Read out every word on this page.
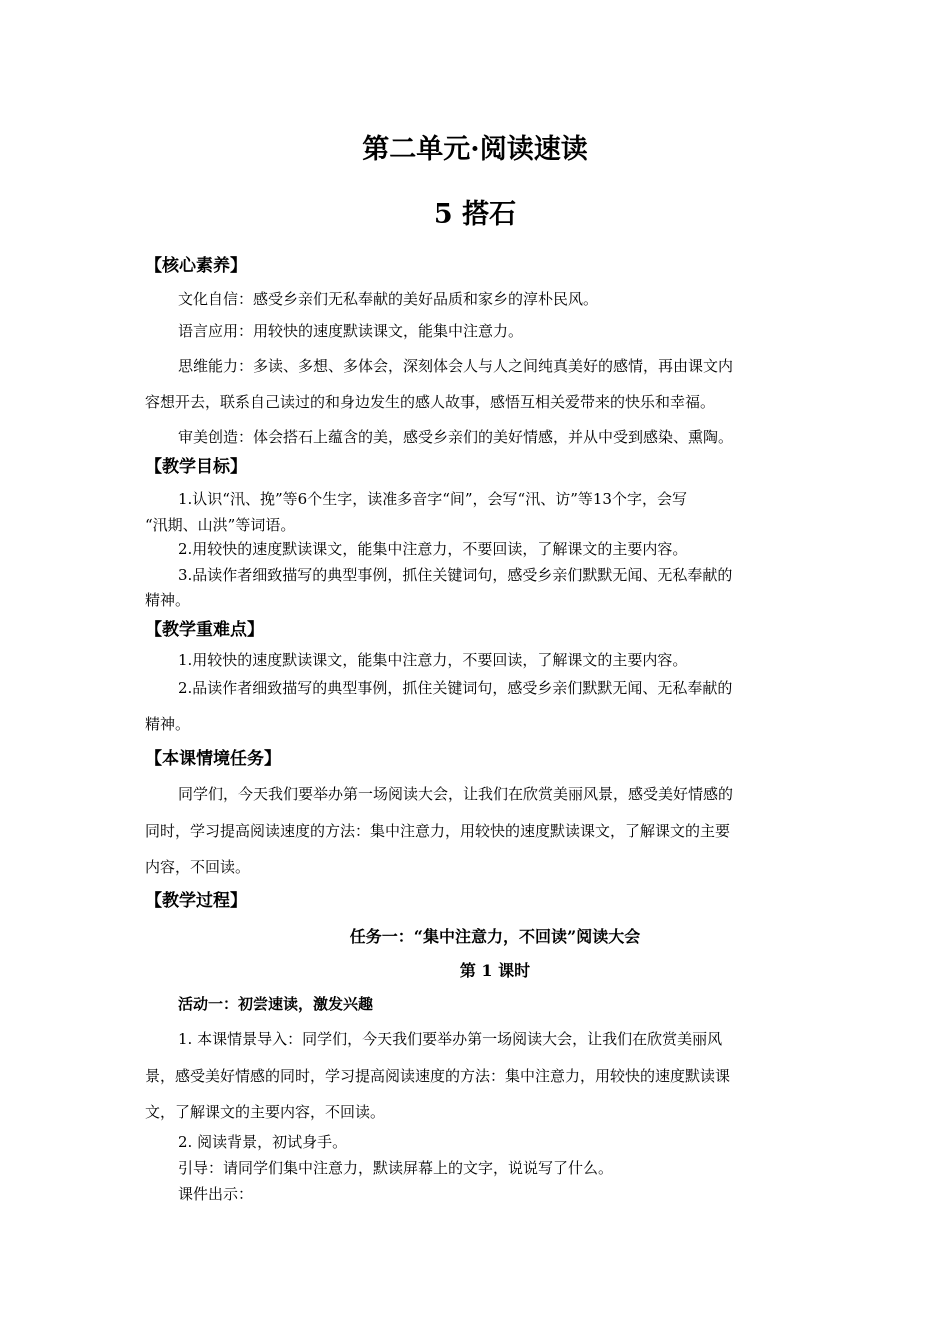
第二单元·阅读速读

5 搭石

【核心素养】

文化自信：感受乡亲们无私奉献的美好品质和家乡的淳朴民风。

语言应用：用较快的速度默读课文，能集中注意力。

思维能力：多读、多想、多体会，深刻体会人与人之间纯真美好的感情，再由课文内

容想开去，联系自己读过的和身边发生的感人故事，感悟互相关爱带来的快乐和幸福。

审美创造：体会搭石上蕴含的美，感受乡亲们的美好情感，并从中受到感染、熏陶。

【教学目标】

1.认识“汛、挽”等6个生字，读准多音字“间”，会写“汛、访”等13个字，会写

“汛期、山洪”等词语。

2.用较快的速度默读课文，能集中注意力，不要回读，了解课文的主要内容。

3.品读作者细致描写的典型事例，抓住关键词句，感受乡亲们默默无闻、无私奉献的

精神。

【教学重难点】

1.用较快的速度默读课文，能集中注意力，不要回读，了解课文的主要内容。

2.品读作者细致描写的典型事例，抓住关键词句，感受乡亲们默默无闻、无私奉献的

精神。

【本课情境任务】

同学们，今天我们要举办第一场阅读大会，让我们在欣赏美丽风景，感受美好情感的

同时，学习提高阅读速度的方法：集中注意力，用较快的速度默读课文，了解课文的主要

内容，不回读。

【教学过程】

任务一：“集中注意力，不回读”阅读大会

第 1 课时

活动一：初尝速读，激发兴趣

1. 本课情景导入：同学们，今天我们要举办第一场阅读大会，让我们在欣赏美丽风

景，感受美好情感的同时，学习提高阅读速度的方法：集中注意力，用较快的速度默读课

文，了解课文的主要内容，不回读。

2. 阅读背景，初试身手。

引导：请同学们集中注意力，默读屏幕上的文字，说说写了什么。

课件出示：
